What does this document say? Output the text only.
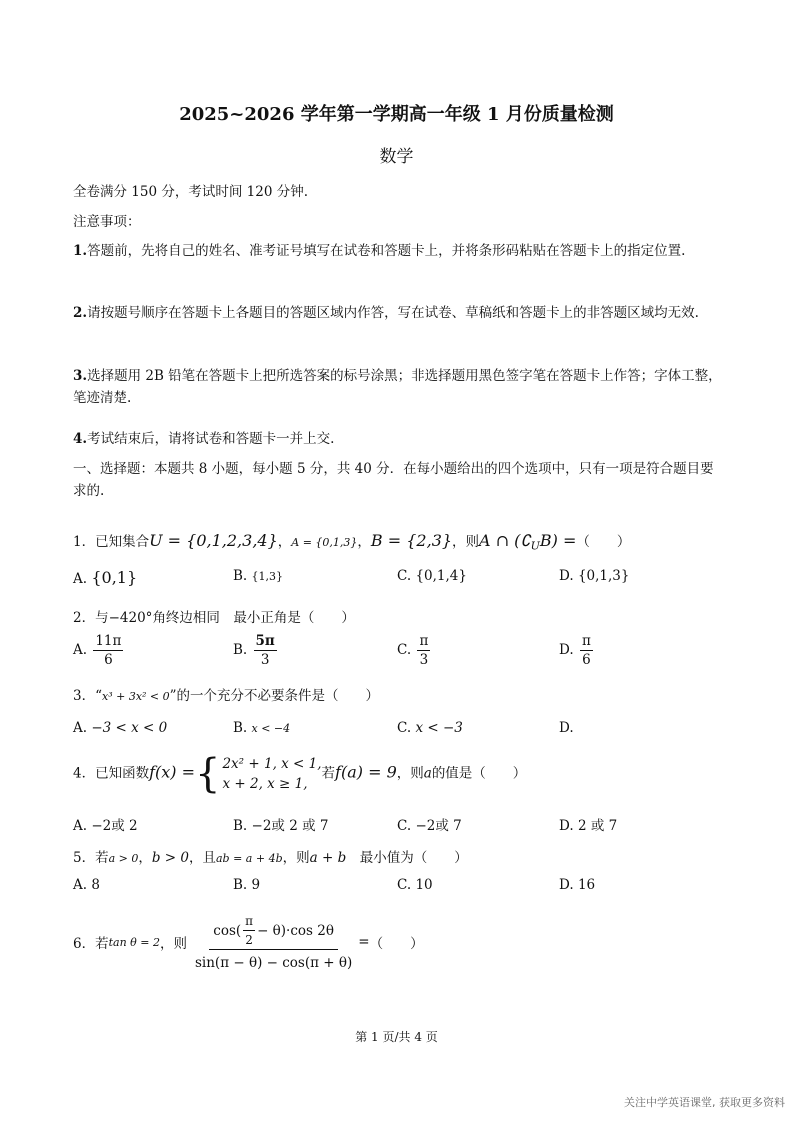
2025~2026 学年第一学期高一年级 1 月份质量检测
数学
全卷满分 150 分，考试时间 120 分钟.
注意事项：
1.答题前，先将自己的姓名、准考证号填写在试卷和答题卡上，并将条形码粘贴在答题卡上的指定位置.
2.请按题号顺序在答题卡上各题目的答题区域内作答，写在试卷、草稿纸和答题卡上的非答题区域均无效.
3.选择题用 2B 铅笔在答题卡上把所选答案的标号涂黑；非选择题用黑色签字笔在答题卡上作答；字体工整，笔迹清楚.
4.考试结束后，请将试卷和答题卡一并上交.
一、选择题：本题共 8 小题，每小题 5 分，共 40 分．在每小题给出的四个选项中，只有一项是符合题目要求的.
1．已知集合U = {0,1,2,3,4}，A = {0,1,3}，B = {2,3}，则A ∩ $(∁_UB)$ =（　　）
A. {0,1}	B. {1,3}	C. {0,1,4}	D. {0,1,3}
2．与−420°角终边相同　最小正角是（　　）
A. $\frac{11\pi}{6}$	B. $\frac{5\pi}{3}$	C. $\frac{\pi}{3}$	D. $\frac{\pi}{6}$
3．“x³ + 3x² < 0”的一个充分不必要条件是（　　）
A. −3 < x < 0	B. x < −4	C. x < −3	D.
4．已知函数f(x) = { 2x² + 1, x < 1,
x + 2, x ≥ 1,
若f(a) = 9，则a的值是（　　）
A. −2或 2	B. −2或 2 或 7	C. −2或 7	D. 2 或 7
5．若a > 0，b > 0，且ab = a + 4b，则a + b　最小值为（　　）
A. 8	B. 9	C. 10	D. 16
6．若 tan θ = 2 ，则 $\frac{\cos( \frac{\pi}{2} - \theta)\cdot\cos 2\theta}{\sin(\pi - \theta) - \cos(\pi + \theta)}$ = （　　）
第 1 页/共 4 页
关注中学英语课堂, 获取更多资料
